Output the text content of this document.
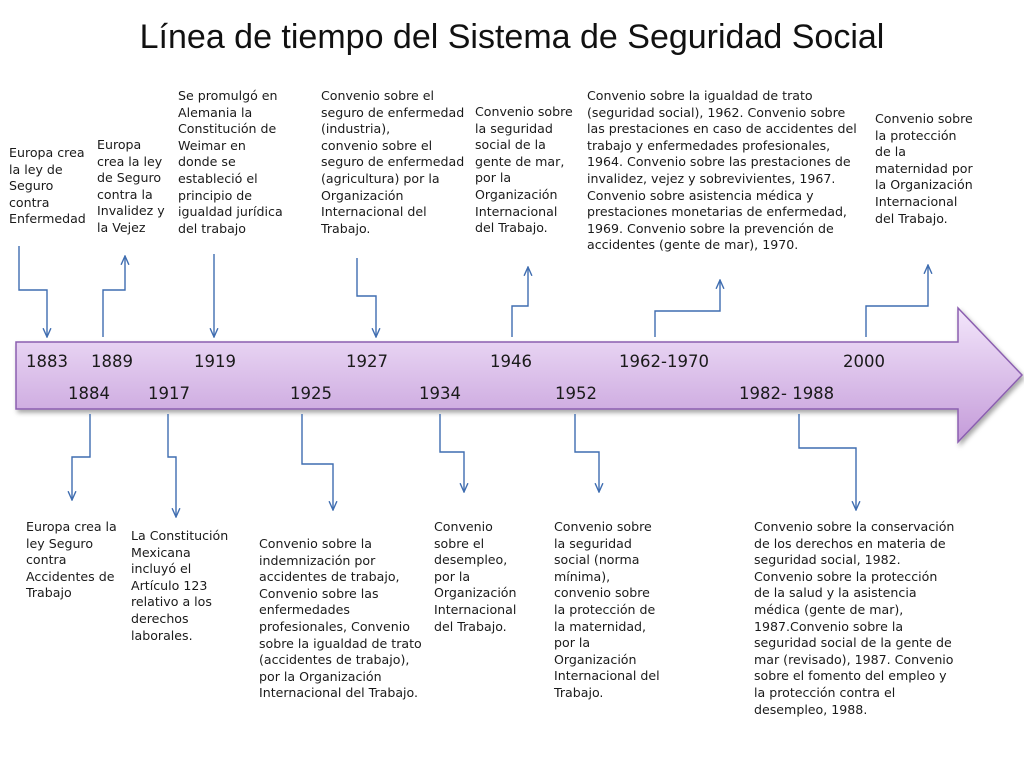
Línea de tiempo del Sistema de Seguridad Social
1883 1889	1919	1927	1946	1962-1970	2000
1884 1917	1925	1934	1952	1982- 1988
Europa crea
la ley de
Seguro
contra
Enfermedad
Europa
crea la ley
de Seguro
contra la
Invalidez y
la Vejez
Se promulgó en
Alemania la
Constitución de
Weimar en
donde se
estableció el
principio de
igualdad jurídica
del trabajo
Convenio sobre el
seguro de enfermedad
(industria),
convenio sobre el
seguro de enfermedad
(agricultura) por la
Organización
Internacional del
Trabajo.
Convenio sobre
la seguridad
social de la
gente de mar,
por la
Organización
Internacional
del Trabajo.
Convenio sobre la igualdad de trato
(seguridad social), 1962. Convenio sobre
las prestaciones en caso de accidentes del
trabajo y enfermedades profesionales,
1964. Convenio sobre las prestaciones de
invalidez, vejez y sobrevivientes, 1967.
Convenio sobre asistencia médica y
prestaciones monetarias de enfermedad,
1969. Convenio sobre la prevención de
accidentes (gente de mar), 1970.
Convenio sobre
la protección
de la
maternidad por
la Organización
Internacional
del Trabajo.
Europa crea la
ley Seguro
contra
Accidentes de
Trabajo
La Constitución
Mexicana
incluyó el
Artículo 123
relativo a los
derechos
laborales.
Convenio sobre la
indemnización por
accidentes de trabajo,
Convenio sobre las
enfermedades
profesionales, Convenio
sobre la igualdad de trato
(accidentes de trabajo),
por la Organización
Internacional del Trabajo.
Convenio
sobre el
desempleo,
por la
Organización
Internacional
del Trabajo.
Convenio sobre
la seguridad
social (norma
mínima),
convenio sobre
la protección de
la maternidad,
por la
Organización
Internacional del
Trabajo.
Convenio sobre la conservación
de los derechos en materia de
seguridad social, 1982.
Convenio sobre la protección
de la salud y la asistencia
médica (gente de mar),
1987.Convenio sobre la
seguridad social de la gente de
mar (revisado), 1987. Convenio
sobre el fomento del empleo y
la protección contra el
desempleo, 1988.
